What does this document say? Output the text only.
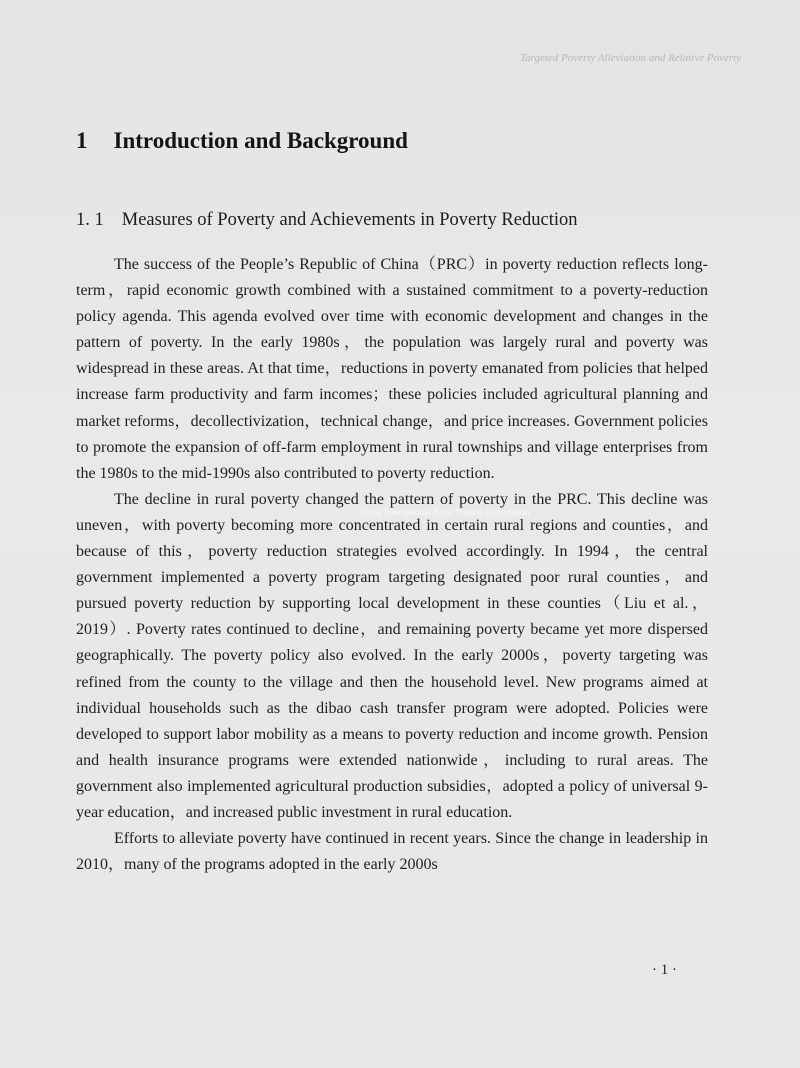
Targeted Poverty Alleviation and Relative Poverty
1 Introduction and Background
1. 1 Measures of Poverty and Achievements in Poverty Reduction

The success of the People’s Republic of China（PRC）in poverty reduction reflects long-term，rapid economic growth combined with a sustained commitment to a poverty-reduction policy agenda. This agenda evolved over time with economic development and changes in the pattern of poverty. In the early 1980s，the population was largely rural and poverty was widespread in these areas. At that time，reductions in poverty emanated from policies that helped increase farm productivity and farm incomes；these policies included agricultural planning and market reforms，decollectivization，technical change，and price increases. Government policies to promote the expansion of off-farm employment in rural townships and village enterprises from the 1980s to the mid-1990s also contributed to poverty reduction.

The decline in rural poverty changed the pattern of poverty in the PRC. This decline was uneven，with poverty becoming more concentrated in certain rural regions and counties，and because of this，poverty reduction strategies evolved accordingly. In 1994，the central government implemented a poverty program targeting designated poor rural counties，and pursued poverty reduction by supporting local development in these counties（Liu et al.，2019）. Poverty rates continued to decline，and remaining poverty became yet more dispersed geographically. The poverty policy also evolved. In the early 2000s，poverty targeting was refined from the county to the village and then the household level. New programs aimed at individual households such as the dibao cash transfer program were adopted. Policies were developed to support labor mobility as a means to poverty reduction and income growth. Pension and health insurance programs were extended nationwide，including to rural areas. The government also implemented agricultural production subsidies，adopted a policy of universal 9-year education，and increased public investment in rural education.

Efforts to alleviate poverty have continued in recent years. Since the change in leadership in 2010，many of the programs adopted in the early 2000s

China International Book Trading Corporation
· 1 ·
